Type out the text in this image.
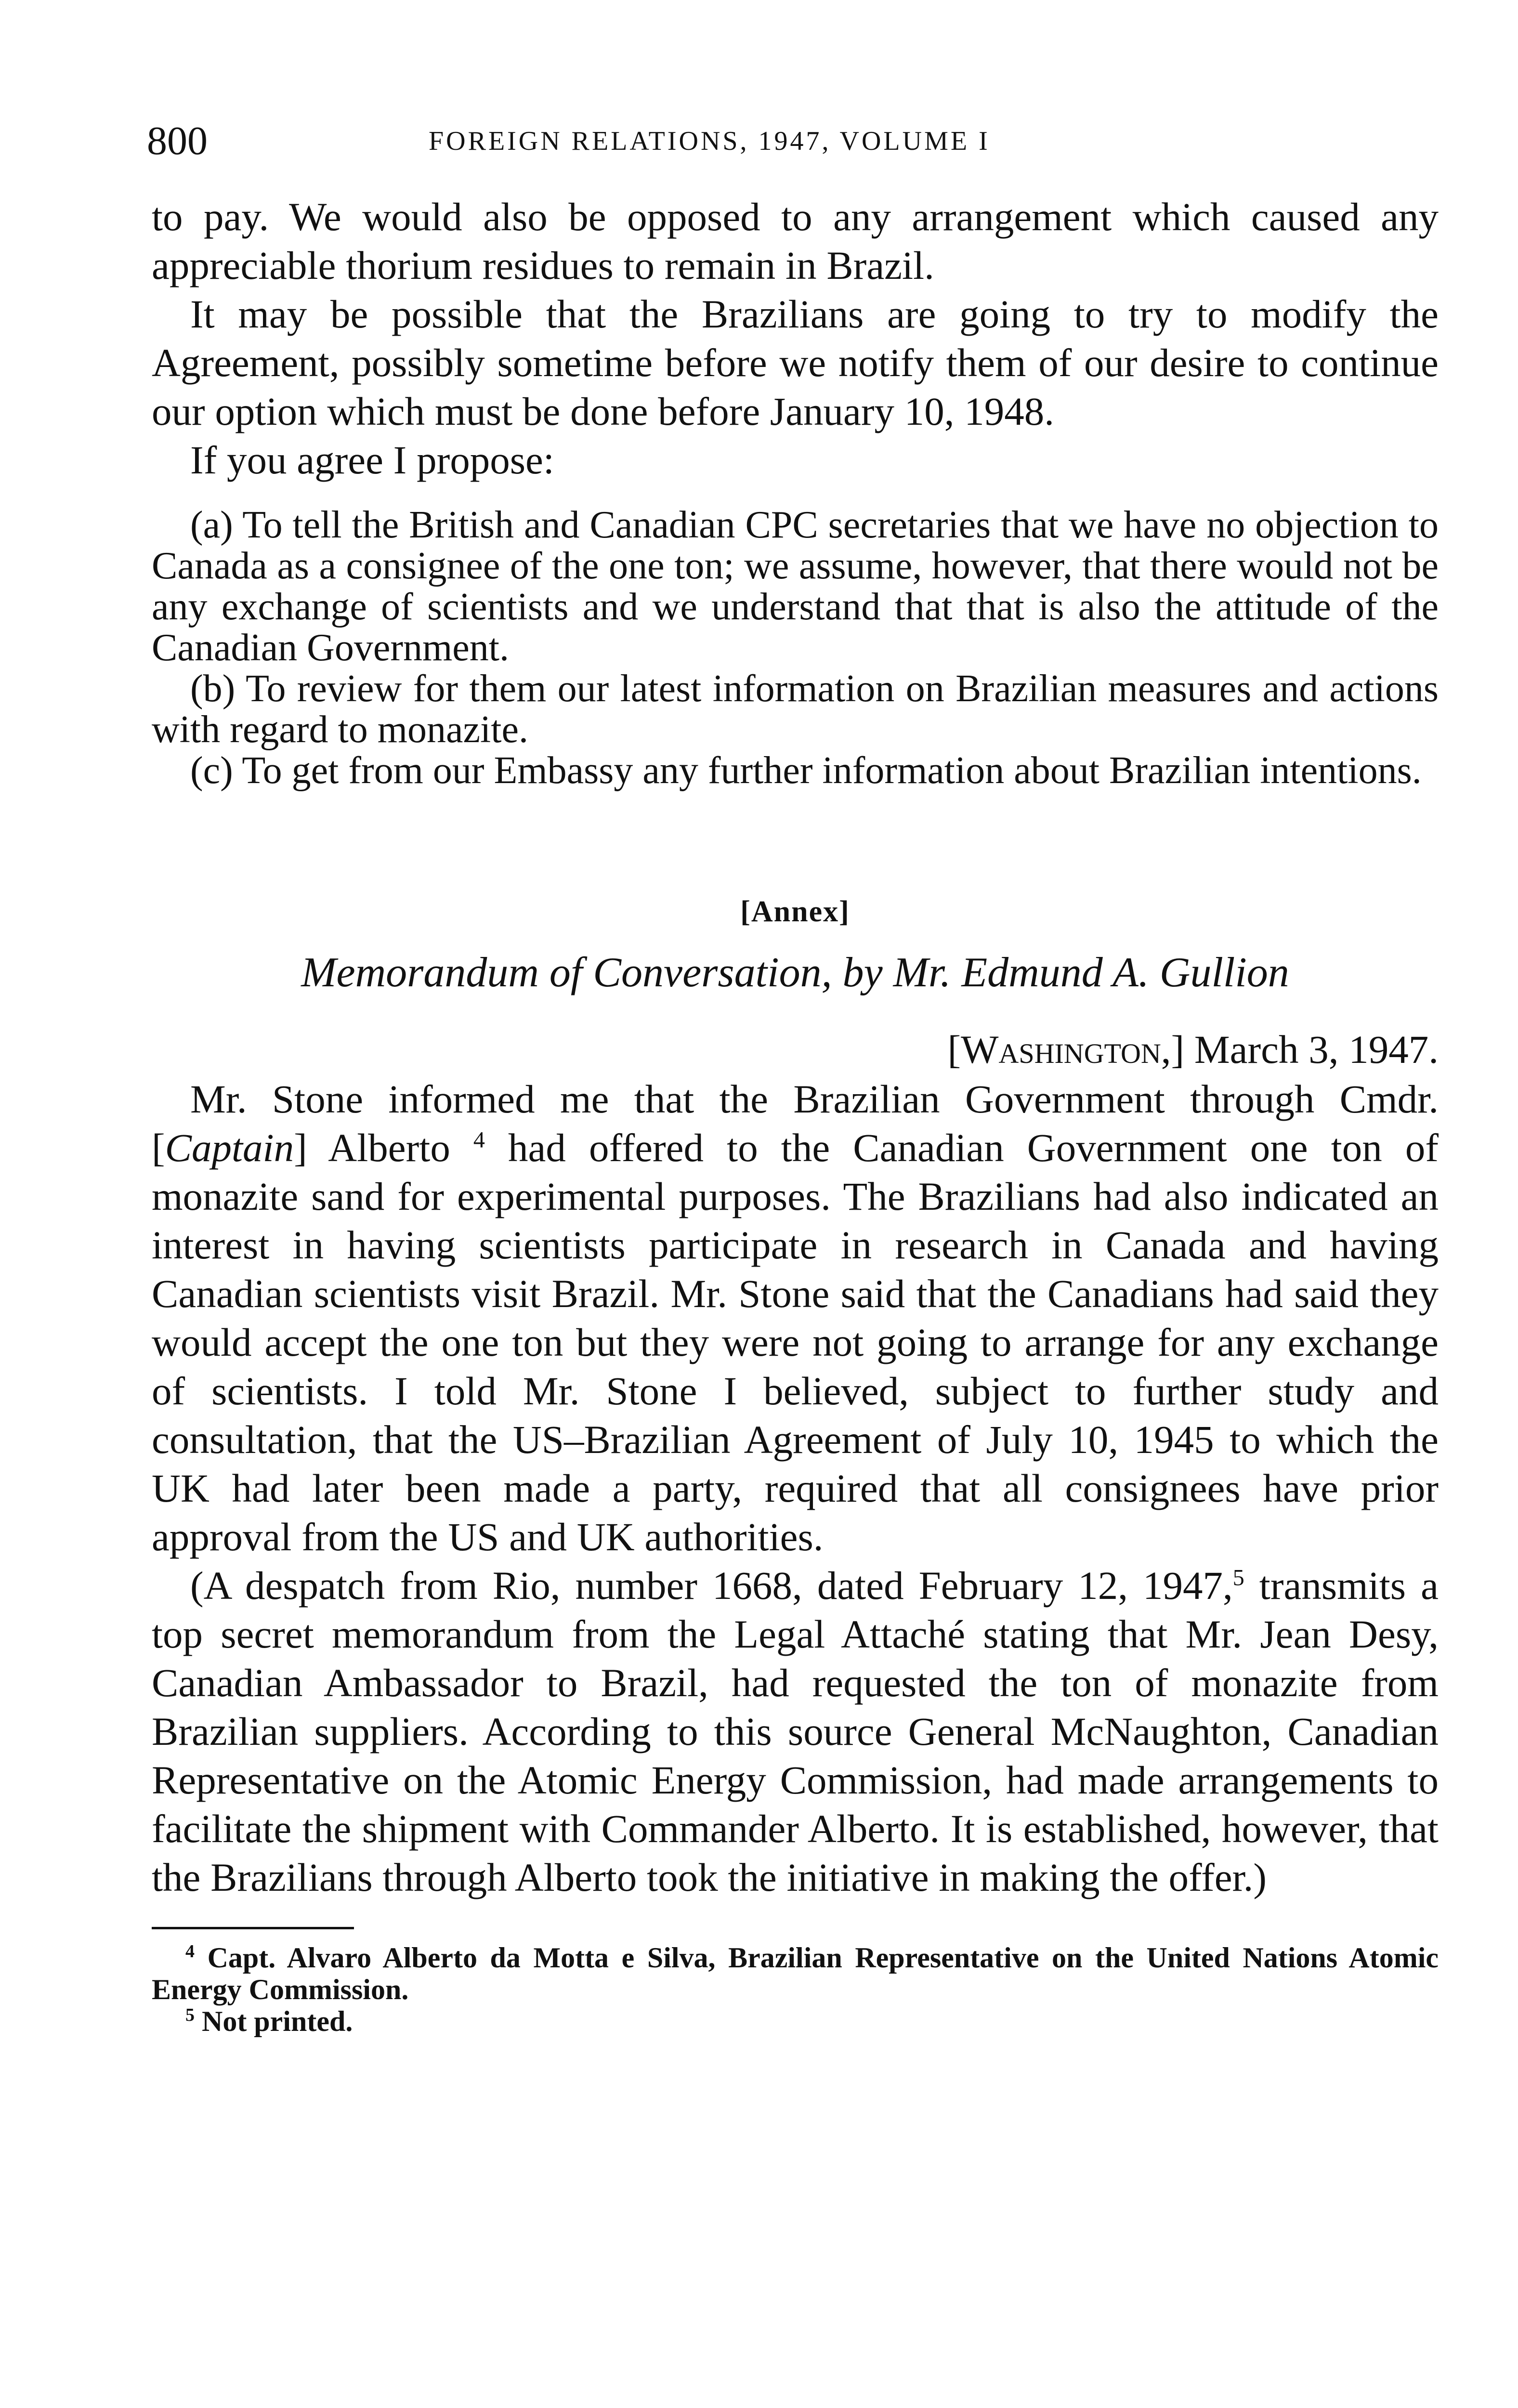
800	FOREIGN RELATIONS, 1947, VOLUME I

to pay. We would also be opposed to any arrangement which caused any appreciable thorium residues to remain in Brazil.

It may be possible that the Brazilians are going to try to modify the Agreement, possibly sometime before we notify them of our desire to continue our option which must be done before January 10, 1948.

If you agree I propose:

(a) To tell the British and Canadian CPC secretaries that we have no objection to Canada as a consignee of the one ton; we assume, however, that there would not be any exchange of scientists and we understand that that is also the attitude of the Canadian Government.

(b) To review for them our latest information on Brazilian measures and actions with regard to monazite.

(c) To get from our Embassy any further information about Brazilian intentions.

[Annex]
Memorandum of Conversation, by Mr. Edmund A. Gullion
[Washington,] March 3, 1947.

Mr. Stone informed me that the Brazilian Government through Cmdr. [Captain] Alberto $^4$ had offered to the Canadian Government one ton of monazite sand for experimental purposes. The Brazilians had also indicated an interest in having scientists participate in research in Canada and having Canadian scientists visit Brazil. Mr. Stone said that the Canadians had said they would accept the one ton but they were not going to arrange for any exchange of scientists. I told Mr. Stone I believed, subject to further study and consultation, that the US–Brazilian Agreement of July 10, 1945 to which the UK had later been made a party, required that all consignees have prior approval from the US and UK authorities.

(A despatch from Rio, number 1668, dated February 12, 1947,$^5$ transmits a top secret memorandum from the Legal Attaché stating that Mr. Jean Desy, Canadian Ambassador to Brazil, had requested the ton of monazite from Brazilian suppliers. According to this source General McNaughton, Canadian Representative on the Atomic Energy Commission, had made arrangements to facilitate the shipment with Commander Alberto. It is established, however, that the Brazilians through Alberto took the initiative in making the offer.)

$^4$ Capt. Alvaro Alberto da Motta e Silva, Brazilian Representative on the United Nations Atomic Energy Commission.

$^5$ Not printed.
